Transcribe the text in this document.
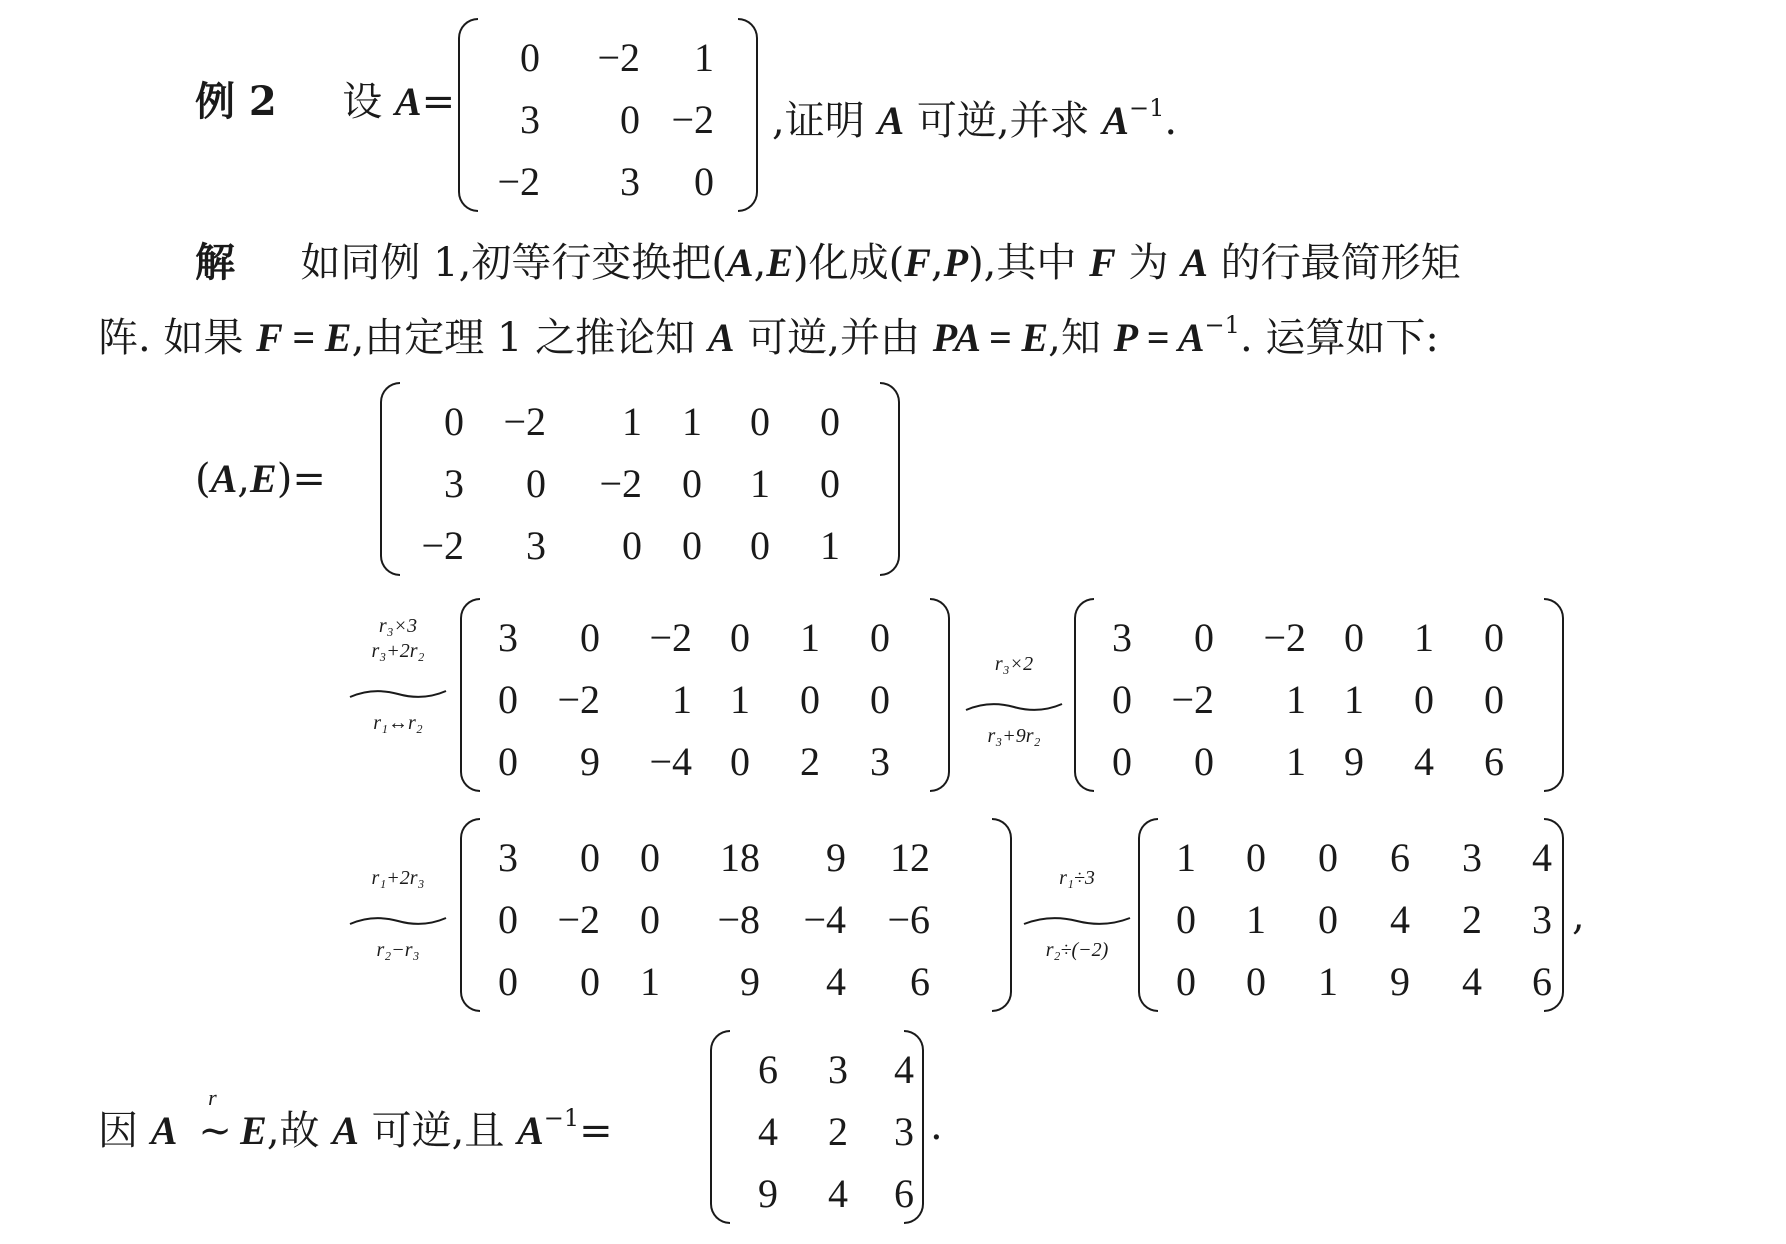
例 2 设 A=
0 −2	1
3	0 −2
−2	3	0
,证明 A 可逆,并求 $A^{-1}$.
解 如同例 1,初等行变换把(A,E)化成(F,P),其中 F 为 A 的行最简形矩
阵. 如果 F = E,由定理 1 之推论知 A 可逆,并由 PA = E,知 $P = A^{-1}$. 运算如下:
(A,E)=
0 −2	1	1	0	0
3	0 −2	0	1	0
−2	3	0	0	0	1
r₃×3
r₃+2r₂
r₁↔r₂
3	0 −2 0	1	0
0 −2	1 1	0	0
0	9 −4 0	2	3
r₃×2
r₃+9r₂
3	0 −2 0	1	0
0 −2	1 1	0	0
0	0	1 9	4	6
r₁+2r₃
r₂−r₃
3	0	0 18	9 12
0 −2	0 −8 −4 −6
0	0	1	9	4	6
r₁÷3
r₂÷(−2)
1	0	0	6	3	4
0	1	0	4	2	3
0	0	1	9	4	6
,
因 A
r
~ E,故 A 可逆,且 $A^{-1}=$
6	3	4
4	2	3
9	4	6
.
